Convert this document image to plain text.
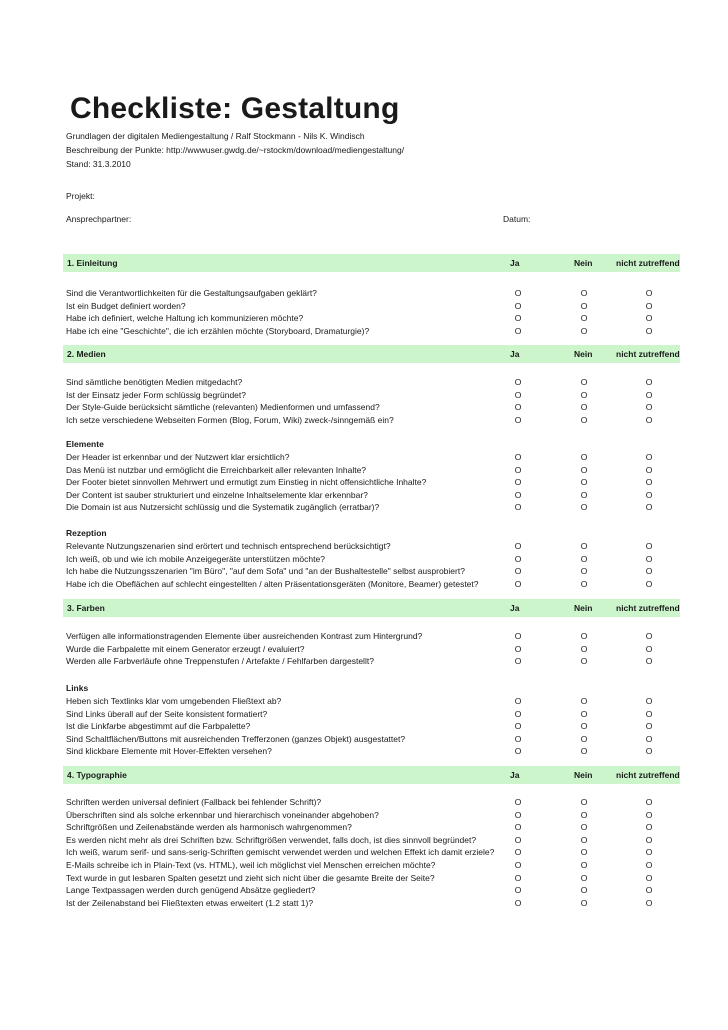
Checkliste: Gestaltung
Grundlagen der digitalen Mediengestaltung / Ralf Stockmann - Nils K. Windisch
Beschreibung der Punkte: http://wwwuser.gwdg.de/~rstockm/download/mediengestaltung/
Stand: 31.3.2010
Projekt:
Ansprechpartner:	Datum:
1. Einleitung	Ja	Nein	nicht zutreffend
Sind die Verantwortlichkeiten für die Gestaltungsaufgaben geklärt?	O	O	O
Ist ein Budget definiert worden?	O	O	O
Habe ich definiert, welche Haltung ich kommunizieren möchte?	O	O	O
Habe ich eine "Geschichte", die ich erzählen möchte (Storyboard, Dramaturgie)?	O	O	O
2. Medien	Ja	Nein	nicht zutreffend
Sind sämtliche benötigten Medien mitgedacht?	O	O	O
Ist der Einsatz jeder Form schlüssig begründet?	O	O	O
Der Style-Guide berücksicht sämtliche (relevanten) Medienformen und umfassend?	O	O	O
Ich setze verschiedene Webseiten Formen (Blog, Forum, Wiki) zweck-/sinngemäß ein?	O	O	O
Elemente
Der Header ist erkennbar und der Nutzwert klar ersichtlich?	O	O	O
Das Menü ist nutzbar und ermöglicht die Erreichbarkeit aller relevanten Inhalte?	O	O	O
Der Footer bietet sinnvollen Mehrwert und ermutigt zum Einstieg in nicht offensichtliche Inhalte?	O	O	O
Der Content ist sauber strukturiert und einzelne Inhaltselemente klar erkennbar?	O	O	O
Die Domain ist aus Nutzersicht schlüssig und die Systematik zugänglich (erratbar)?	O	O	O
Rezeption
Relevante Nutzungszenarien sind erörtert und technisch entsprechend berücksichtigt?	O	O	O
Ich weiß, ob und wie ich mobile Anzeigegeräte unterstützen möchte?	O	O	O
Ich habe die Nutzungsszenarien "im Büro", "auf dem Sofa" und "an der Bushaltestelle" selbst ausprobiert?	O	O	O
Habe ich die Obeflächen auf schlecht eingestellten / alten Präsentationsgeräten (Monitore, Beamer) getestet?	O	O	O
3. Farben	Ja	Nein	nicht zutreffend
Verfügen alle informationstragenden Elemente über ausreichenden Kontrast zum Hintergrund?	O	O	O
Wurde die Farbpalette mit einem Generator erzeugt / evaluiert?	O	O	O
Werden alle Farbverläufe ohne Treppenstufen / Artefakte / Fehlfarben dargestellt?	O	O	O
Links
Heben sich Textlinks klar vom umgebenden Fließtext ab?	O	O	O
Sind Links überall auf der Seite konsistent formatiert?	O	O	O
Ist die Linkfarbe abgestimmt auf die Farbpalette?	O	O	O
Sind Schaltflächen/Buttons mit ausreichenden Trefferzonen (ganzes Objekt) ausgestattet?	O	O	O
Sind klickbare Elemente mit Hover-Effekten versehen?	O	O	O
4. Typographie	Ja	Nein	nicht zutreffend
Schriften werden universal definiert (Fallback bei fehlender Schrift)?	O	O	O
Überschriften sind als solche erkennbar und hierarchisch voneinander abgehoben?	O	O	O
Schriftgrößen und Zeilenabstände werden als harmonisch wahrgenommen?	O	O	O
Es werden nicht mehr als drei Schriften bzw. Schriftgrößen verwendet, falls doch, ist dies sinnvoll begründet?	O	O	O
Ich weiß, warum serif- und sans-serig-Schriften gemischt verwendet werden und welchen Effekt ich damit erziele?	O	O	O
E-Mails schreibe ich in Plain-Text (vs. HTML), weil ich möglichst viel Menschen erreichen möchte?	O	O	O
Text wurde in gut lesbaren Spalten gesetzt und zieht sich nicht über die gesamte Breite der Seite?	O	O	O
Lange Textpassagen werden durch genügend Absätze gegliedert?	O	O	O
Ist der Zeilenabstand bei Fließtexten etwas erweitert (1.2 statt 1)?	O	O	O
